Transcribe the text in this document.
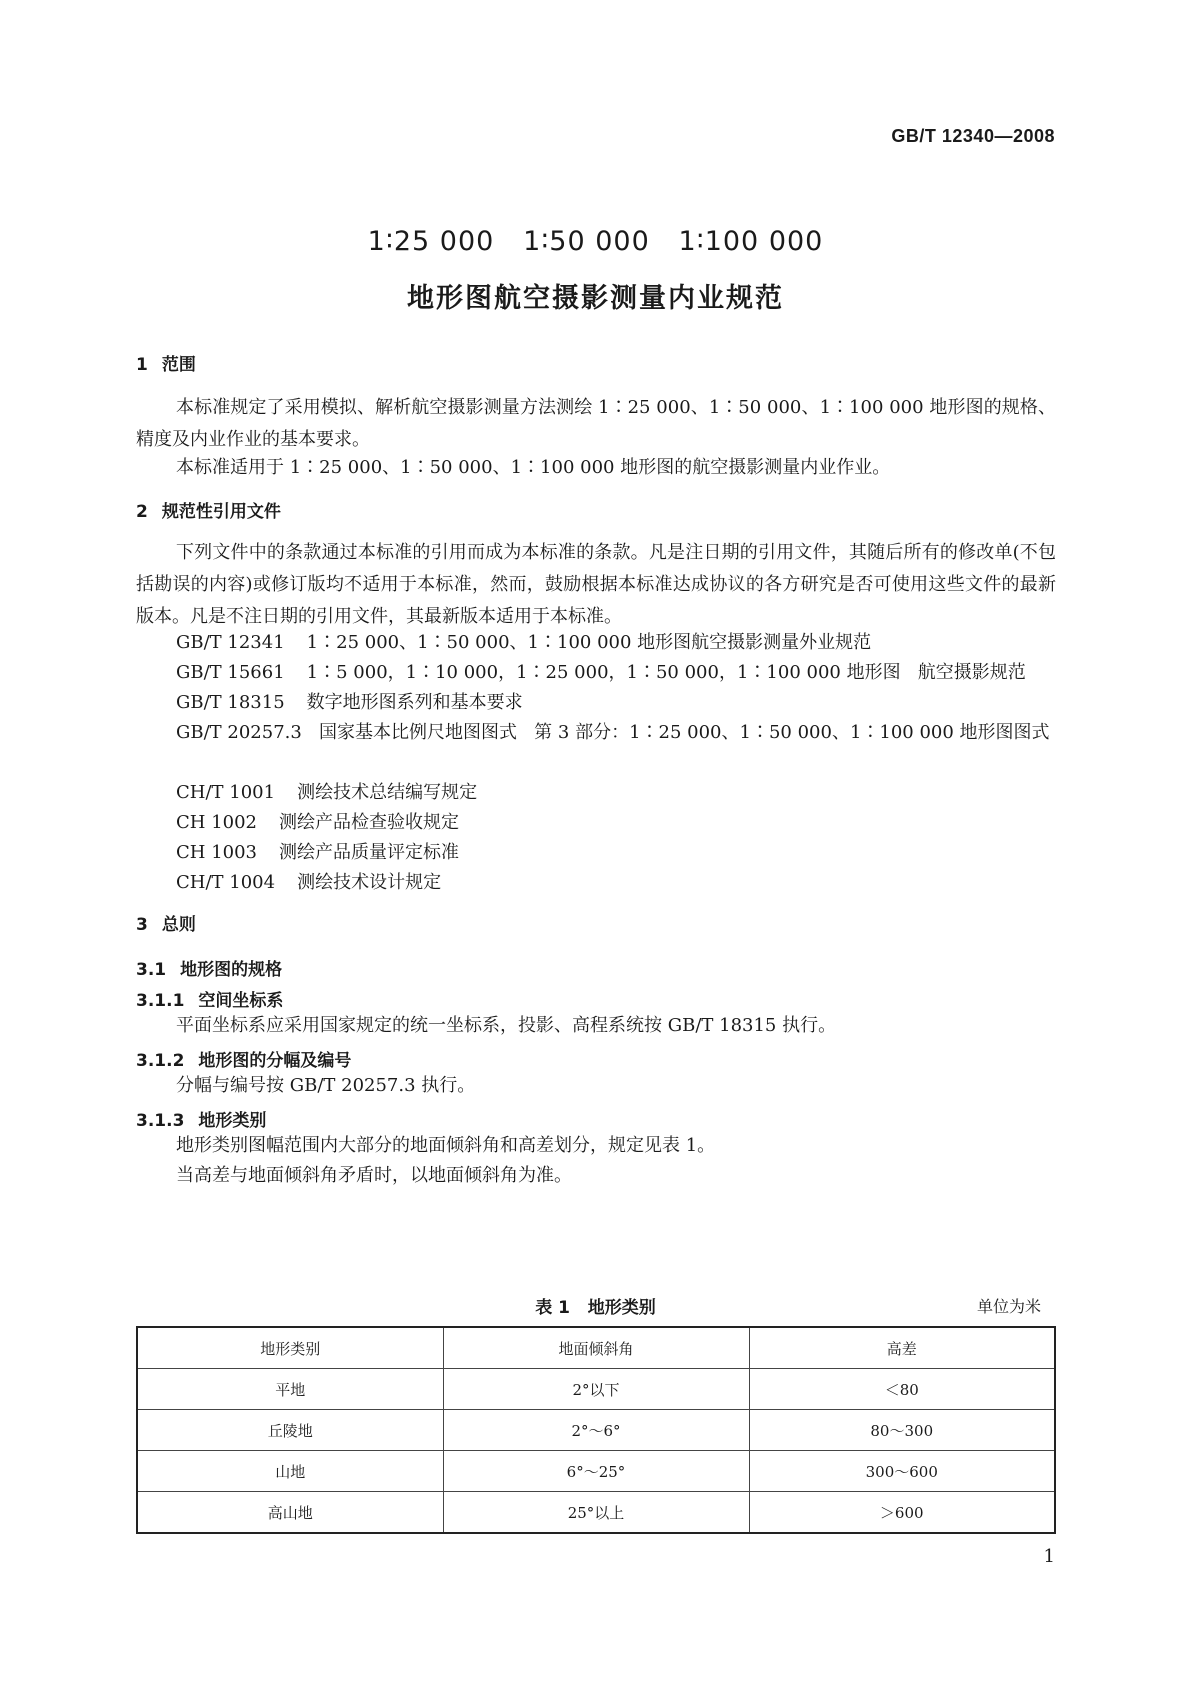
GB/T 12340—2008
1∶25 000   1∶50 000   1∶100 000
地形图航空摄影测量内业规范
1 范围
本标准规定了采用模拟、解析航空摄影测量方法测绘 1∶25 000、1∶50 000、1∶100 000 地形图的规格、精度及内业作业的基本要求。
本标准适用于 1∶25 000、1∶50 000、1∶100 000 地形图的航空摄影测量内业作业。
2 规范性引用文件
下列文件中的条款通过本标准的引用而成为本标准的条款。凡是注日期的引用文件，其随后所有的修改单(不包括勘误的内容)或修订版均不适用于本标准，然而，鼓励根据本标准达成协议的各方研究是否可使用这些文件的最新版本。凡是不注日期的引用文件，其最新版本适用于本标准。
GB/T 12341 1∶25 000、1∶50 000、1∶100 000 地形图航空摄影测量外业规范
GB/T 15661 1∶5 000，1∶10 000，1∶25 000，1∶50 000，1∶100 000 地形图   航空摄影规范
GB/T 18315 数字地形图系列和基本要求
GB/T 20257.3 国家基本比例尺地图图式   第 3 部分：1∶25 000、1∶50 000、1∶100 000 地形图图式
CH/T 1001 测绘技术总结编写规定
CH 1002 测绘产品检查验收规定
CH 1003 测绘产品质量评定标准
CH/T 1004 测绘技术设计规定
3 总则
3.1 地形图的规格
3.1.1 空间坐标系
平面坐标系应采用国家规定的统一坐标系，投影、高程系统按 GB/T 18315 执行。
3.1.2 地形图的分幅及编号
分幅与编号按 GB/T 20257.3 执行。
3.1.3 地形类别
地形类别图幅范围内大部分的地面倾斜角和高差划分，规定见表 1。
当高差与地面倾斜角矛盾时，以地面倾斜角为准。
表 1   地形类别	单位为米
地形类别	地面倾斜角	高差
平地	2°以下	＜80
丘陵地	2°～6°	80～300
山地	6°～25°	300～600
高山地	25°以上	＞600
1
